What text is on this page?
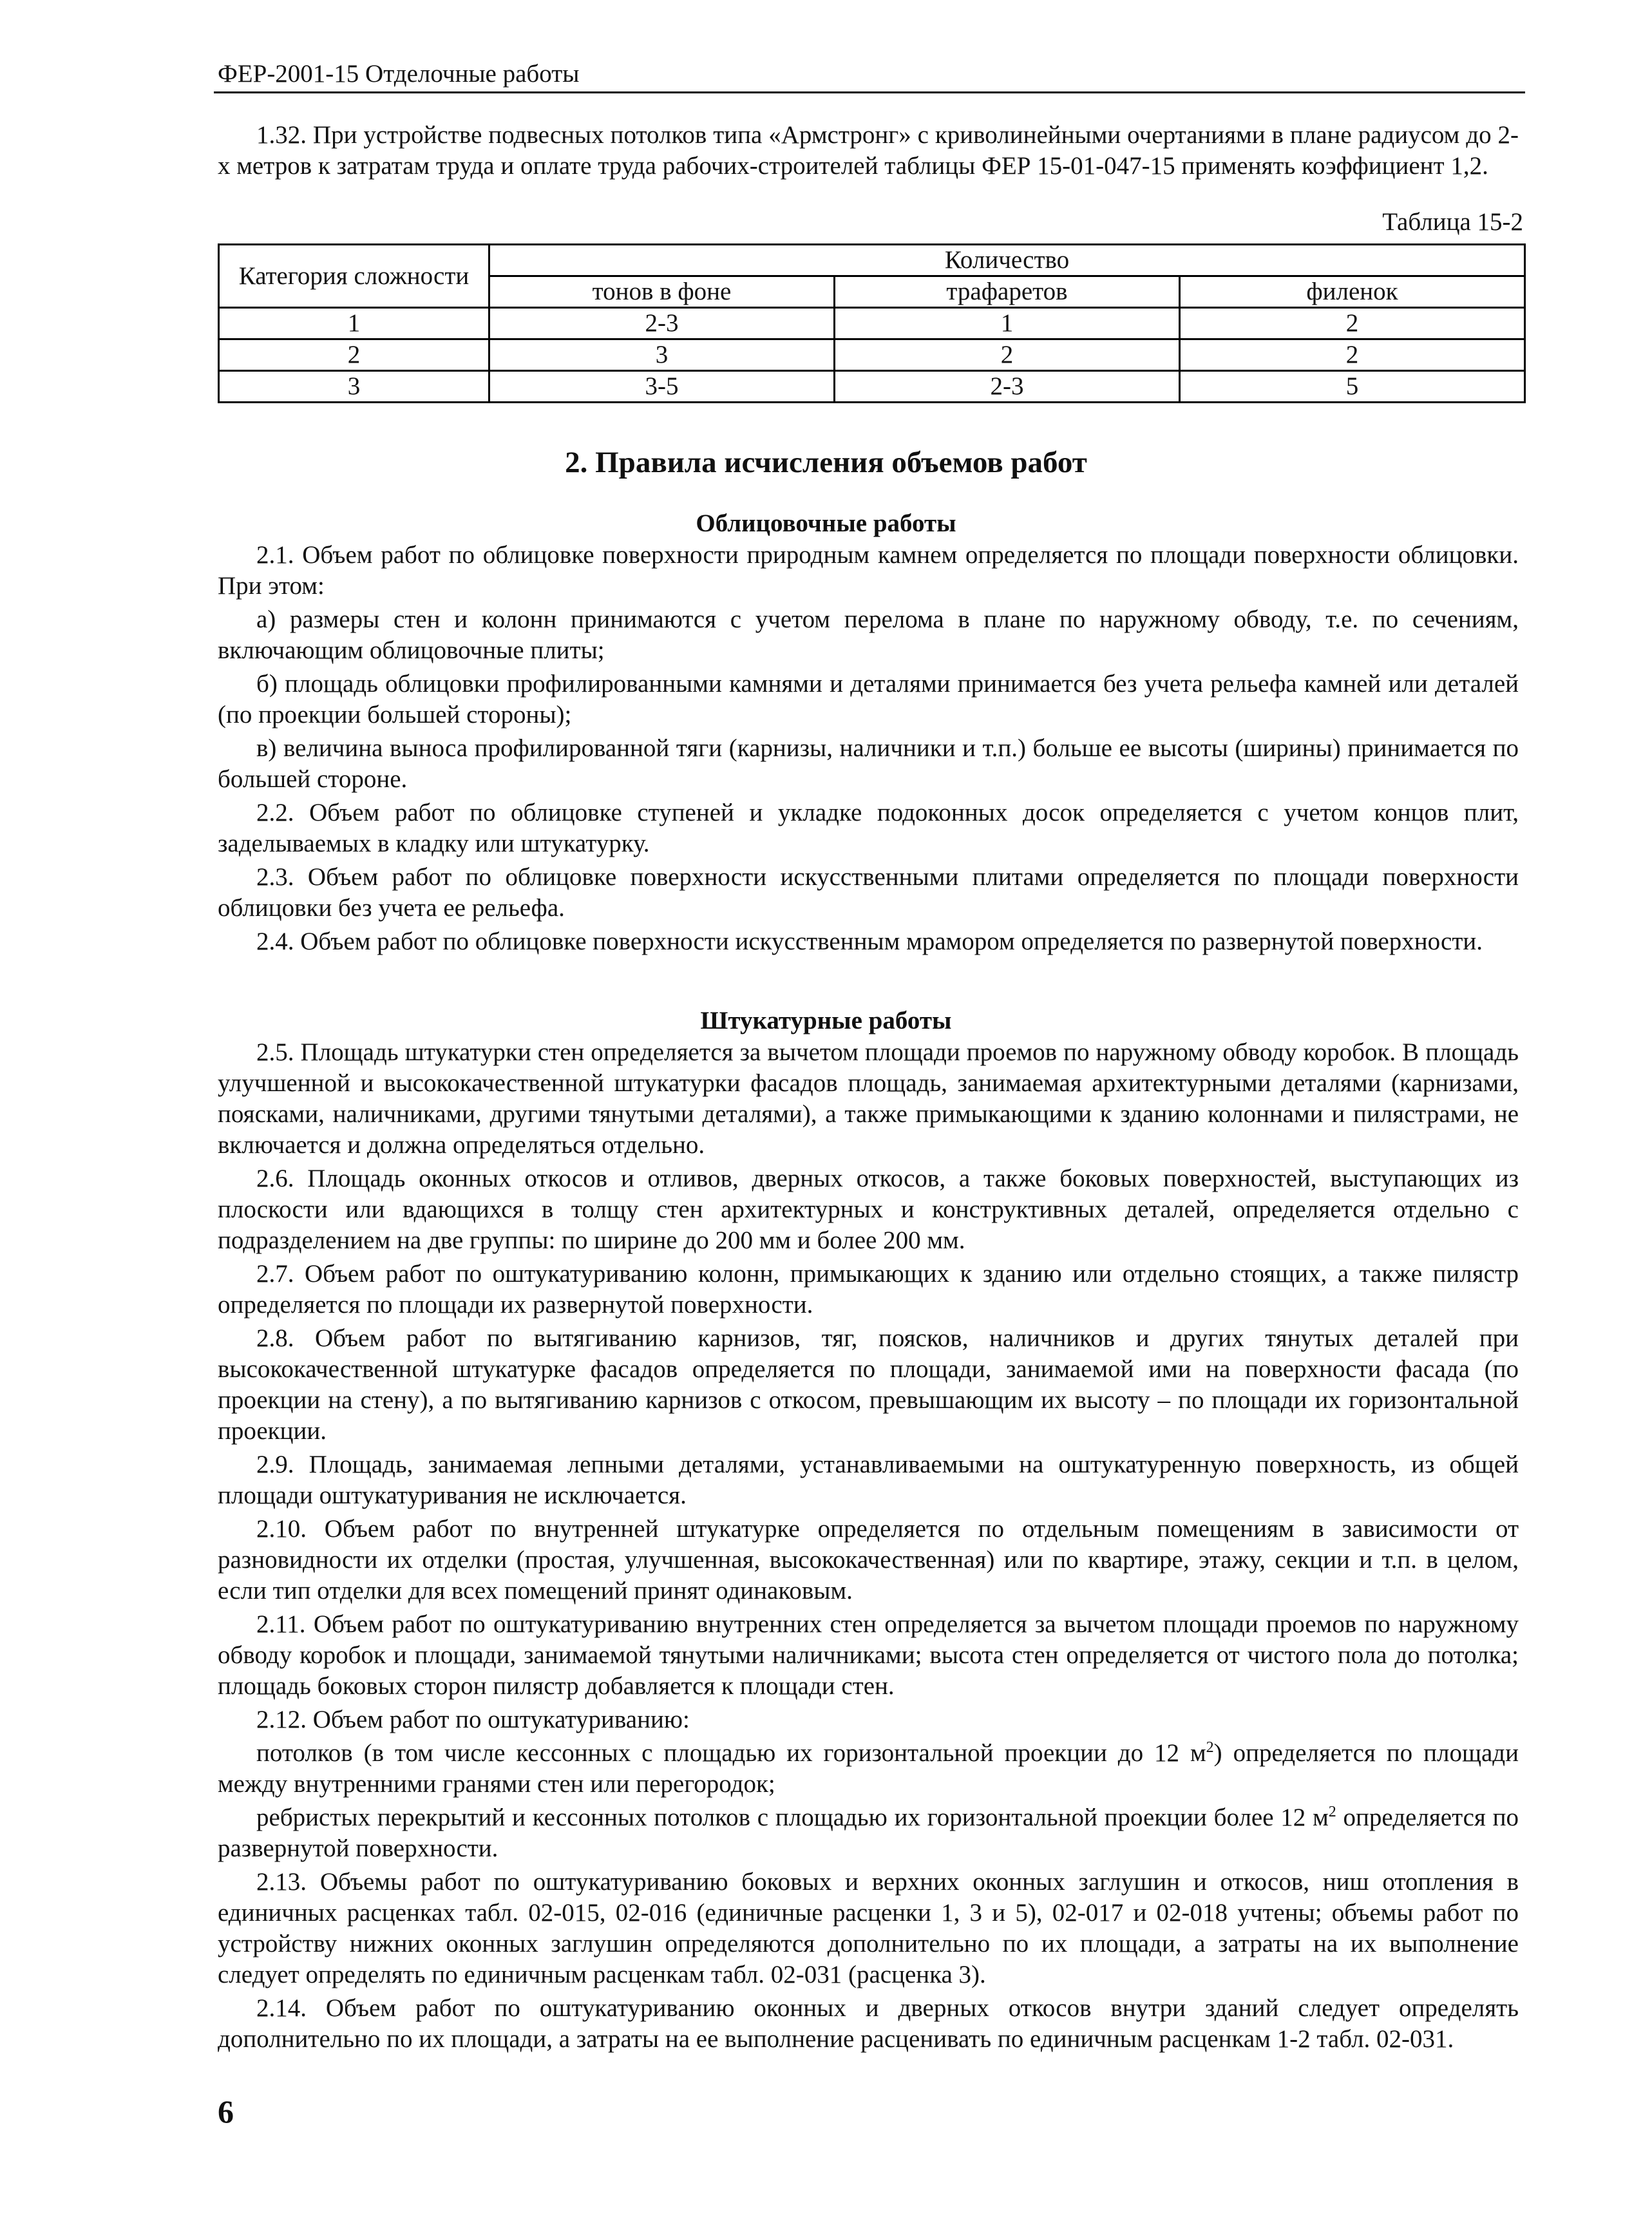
ФЕР-2001-15 Отделочные работы

1.32. При устройстве подвесных потолков типа «Армстронг» с криволинейными очертаниями в плане радиусом до 2-х метров к затратам труда и оплате труда рабочих-строителей таблицы ФЕР 15-01-047-15 применять коэффициент 1,2.

Таблица 15-2
Категория сложности	Количество		
	тонов в фоне	трафаретов	филенок
1	2-3	1	2
2	3	2	2
3	3-5	2-3	5
2. Правила исчисления объемов работ
Облицовочные работы

2.1. Объем работ по облицовке поверхности природным камнем определяется по площади поверхности облицовки. При этом:

а) размеры стен и колонн принимаются с учетом перелома в плане по наружному обводу, т.е. по сечениям, включающим облицовочные плиты;

б) площадь облицовки профилированными камнями и деталями принимается без учета рельефа камней или деталей (по проекции большей стороны);

в) величина выноса профилированной тяги (карнизы, наличники и т.п.) больше ее высоты (ширины) принимается по большей стороне.

2.2. Объем работ по облицовке ступеней и укладке подоконных досок определяется с учетом концов плит, заделываемых в кладку или штукатурку.

2.3. Объем работ по облицовке поверхности искусственными плитами определяется по площади поверхности облицовки без учета ее рельефа.

2.4. Объем работ по облицовке поверхности искусственным мрамором определяется по развернутой поверхности.

Штукатурные работы

2.5. Площадь штукатурки стен определяется за вычетом площади проемов по наружному обводу коробок. В площадь улучшенной и высококачественной штукатурки фасадов площадь, занимаемая архитектурными деталями (карнизами, поясками, наличниками, другими тянутыми деталями), а также примыкающими к зданию колоннами и пилястрами, не включается и должна определяться отдельно.

2.6. Площадь оконных откосов и отливов, дверных откосов, а также боковых поверхностей, выступающих из плоскости или вдающихся в толщу стен архитектурных и конструктивных деталей, определяется отдельно с подразделением на две группы: по ширине до 200 мм и более 200 мм.

2.7. Объем работ по оштукатуриванию колонн, примыкающих к зданию или отдельно стоящих, а также пилястр определяется по площади их развернутой поверхности.

2.8. Объем работ по вытягиванию карнизов, тяг, поясков, наличников и других тянутых деталей при высококачественной штукатурке фасадов определяется по площади, занимаемой ими на поверхности фасада (по проекции на стену), а по вытягиванию карнизов с откосом, превышающим их высоту – по площади их горизонтальной проекции.

2.9. Площадь, занимаемая лепными деталями, устанавливаемыми на оштукатуренную поверхность, из общей площади оштукатуривания не исключается.

2.10. Объем работ по внутренней штукатурке определяется по отдельным помещениям в зависимости от разновидности их отделки (простая, улучшенная, высококачественная) или по квартире, этажу, секции и т.п. в целом, если тип отделки для всех помещений принят одинаковым.

2.11. Объем работ по оштукатуриванию внутренних стен определяется за вычетом площади проемов по наружному обводу коробок и площади, занимаемой тянутыми наличниками; высота стен определяется от чистого пола до потолка; площадь боковых сторон пилястр добавляется к площади стен.

2.12. Объем работ по оштукатуриванию:

потолков (в том числе кессонных с площадью их горизонтальной проекции до 12 $м^2$) определяется по площади между внутренними гранями стен или перегородок;

ребристых перекрытий и кессонных потолков с площадью их горизонтальной проекции более 12 $м^2$ определяется по развернутой поверхности.

2.13. Объемы работ по оштукатуриванию боковых и верхних оконных заглушин и откосов, ниш отопления в единичных расценках табл. 02-015, 02-016 (единичные расценки 1, 3 и 5), 02-017 и 02-018 учтены; объемы работ по устройству нижних оконных заглушин определяются дополнительно по их площади, а затраты на их выполнение следует определять по единичным расценкам табл. 02-031 (расценка 3).

2.14. Объем работ по оштукатуриванию оконных и дверных откосов внутри зданий следует определять дополнительно по их площади, а затраты на ее выполнение расценивать по единичным расценкам 1-2 табл. 02-031.

6
